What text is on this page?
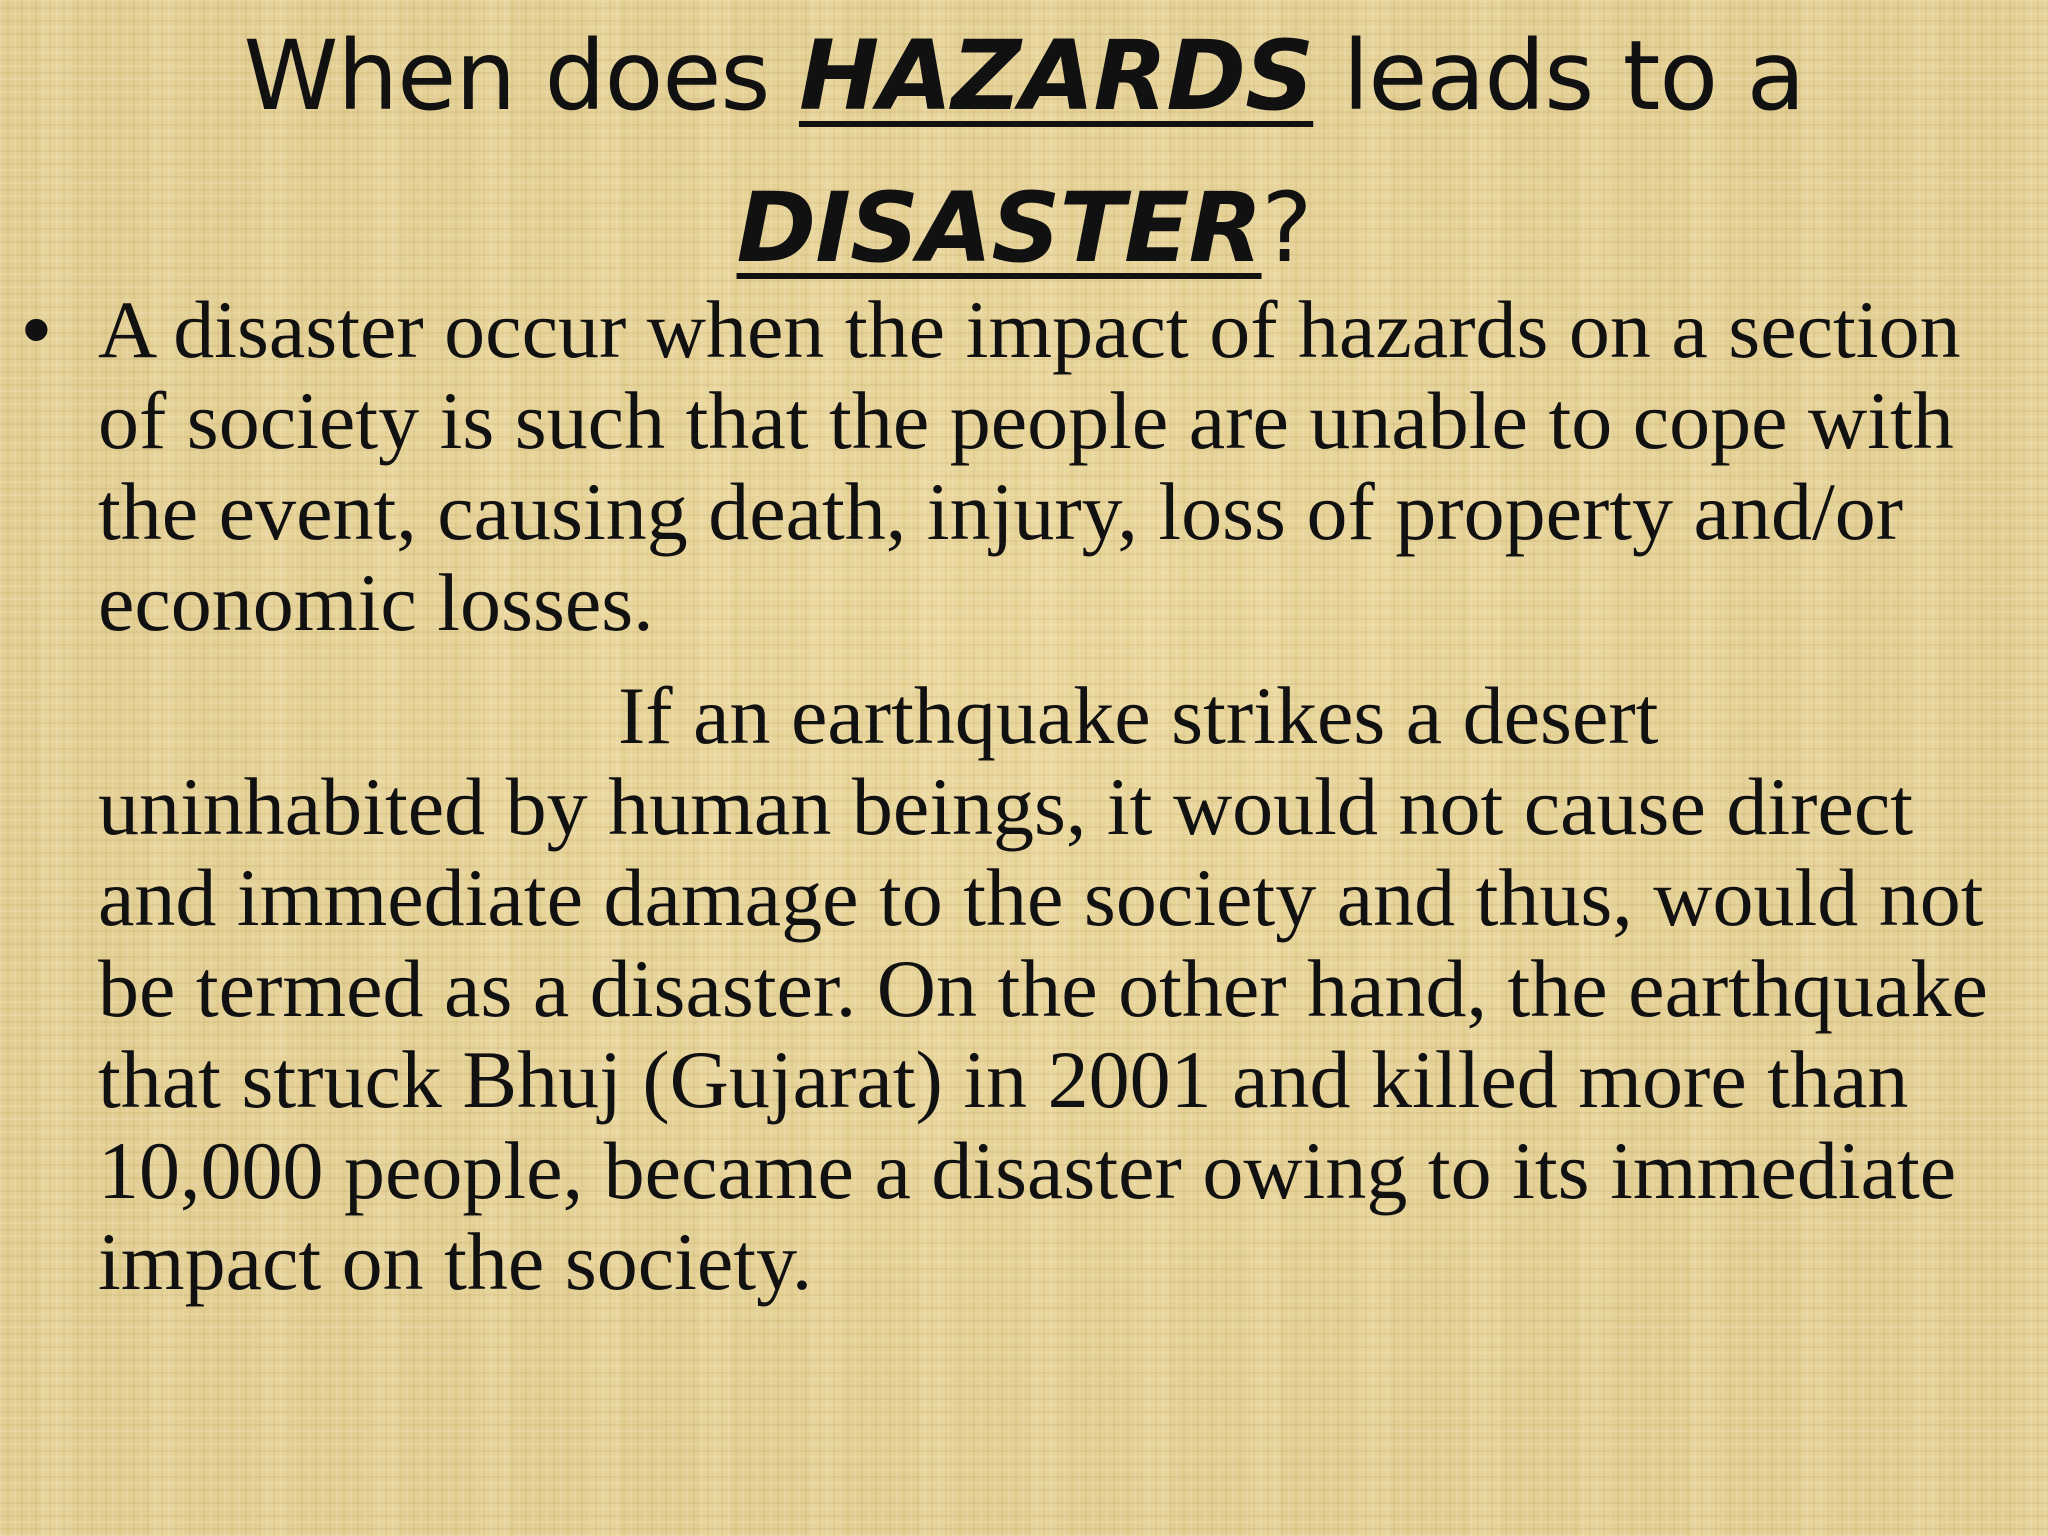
When does HAZARDS leads to a
DISASTER?
• A disaster occur when the impact of hazards on a section of society is such that the people are unable to cope with the event, causing death, injury, loss of property and/or economic losses.
If an earthquake strikes a desert uninhabited by human beings, it would not cause direct and immediate damage to the society and thus, would not be termed as a disaster. On the other hand, the earthquake that struck Bhuj (Gujarat) in 2001 and killed more than 10,000 people, became a disaster owing to its immediate impact on the society.
